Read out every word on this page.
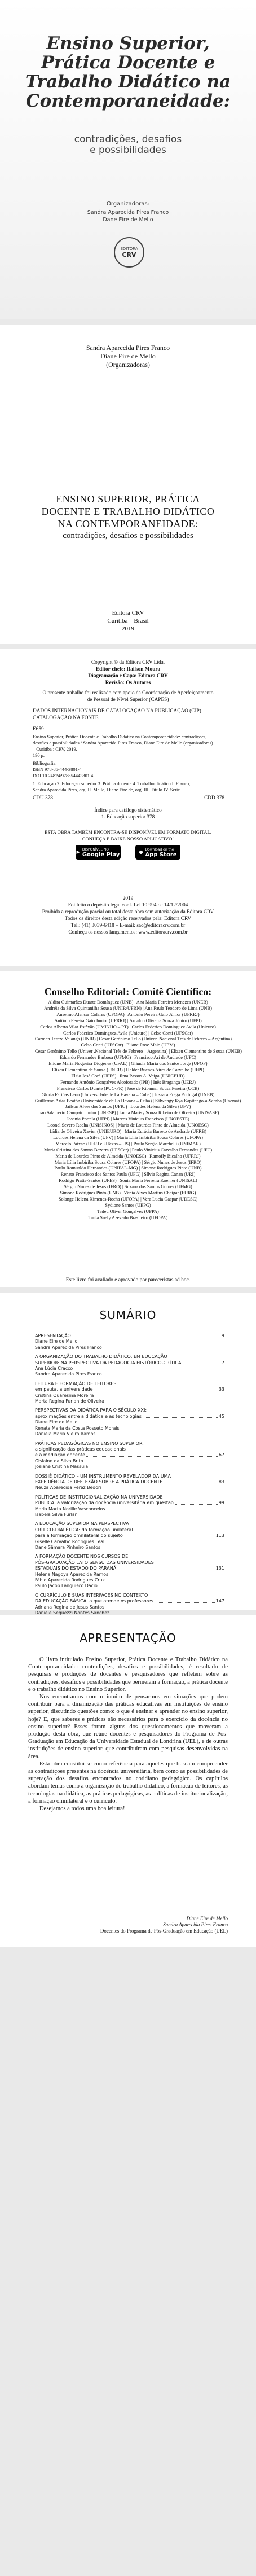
Ensino Superior,
Prática Docente e
Trabalho Didático na
Contemporaneidade:
contradições, desafios
e possibilidades
Organizadoras:
Sandra Aparecida Pires Franco
Dane Eire de Mello
EDITORA
CRV
Sandra Aparecida Pires Franco
Diane Eire de Mello
(Organizadoras)
ENSINO SUPERIOR, PRÁTICA
DOCENTE E TRABALHO DIDÁTICO
NA CONTEMPORANEIDADE:
contradições, desafios e possibilidades
Editora CRV
Curitiba – Brasil
2019
Copyright © da Editora CRV Ltda.
Editor-chefe: Railson Moura
Diagramação e Capa: Editora CRV
Revisão: Os Autores
O presente trabalho foi realizado com apoio da Coordenação de Aperfeiçoamento
de Pessoal de Nível Superior (CAPES)
DADOS INTERNACIONAIS DE CATALOGAÇÃO NA PUBLICAÇÃO (CIP)
CATALOGAÇÃO NA FONTE
E659
Ensino Superior, Prática Docente e Trabalho Didático na Contemporaneidade: contradições,
desafios e possibilidades / Sandra Aparecida Pires Franco, Diane Eire de Mello (organizadoras)
– Curitiba : CRV, 2019.
190 p.
Bibliografia
ISBN 978-85-444-3801-4
DOI 10.24824/978854443801.4
1. Educação 2. Educação superior 3. Prática docente 4. Trabalho didático I. Franco,
Sandra Aparecida Pires, org. II. Mello, Diane Eire de, org. III. Título IV. Série.
CDU 378	CDD 378
Índice para catálogo sistemático
1. Educação superior 378
ESTA OBRA TAMBÉM ENCONTRA-SE DISPONÍVEL EM FORMATO DIGITAL.
CONHEÇA E BAIXE NOSSO APLICATIVO!
▶ DISPONÍVEL NO
Google Play	● Download on the
App Store
2019
Foi feito o depósito legal conf. Lei 10.994 de 14/12/2004
Proibida a reprodução parcial ou total desta obra sem autorização da Editora CRV
Todos os direitos desta edição reservados pela: Editora CRV
Tel.: (41) 3039-6418 – E-mail: sac@editoracrv.com.br
Conheça os nossos lançamentos: www.editoracrv.com.br
Conselho Editorial: Comitê Científico:
Aldira Guimarães Duarte Domínguez (UNB) | Ana Maria Ferreira Menezes (UNEB)
Andréia da Silva Quintanilha Sousa (UNIR/UFRN) | Ana Paula Teodoro de Lima (UNB)
Anselmo Alencar Colares (UFOPA) | Antônio Pereira Gaio Júnior (UFRRJ)
Antônio Pereira Gaio Júnior (UFRRJ) | Arnaldo Oliveira Souza Júnior (UFPI)
Carlos Alberto Vilar Estêvão (UMINHO – PT) | Carlos Federico Dominguez Avila (Unieuro)
Carlos Federico Dominguez Avila (Unieuro) | Celso Conti (UFSCar)
Carmen Tereza Velanga (UNIR) | Cesar Gerónimo Tello (Univer .Nacional Três de Febrero – Argentina)
Celso Conti (UFSCar) | Eliane Rose Maio (UEM)
Cesar Gerónimo Tello (Univer .Nacional Três de Febrero – Argentina) | Elizeu Clementino de Souza (UNEB)
Eduardo Fernandes Barbosa (UFMG) | Francisco Ari de Andrade (UFC)
Elione Maria Nogueira Diogenes (UFAL) | Gláucia Maria dos Santos Jorge (UFOP)
Elizeu Clementino de Souza (UNEB) | Helder Buenos Aires de Carvalho (UFPI)
Élsio José Corá (UFFS) | Ilma Passos A. Veiga (UNICEUB)
Fernando Antônio Gonçalves Alcoforado (IPB) | Inês Bragança (UERJ)
Francisco Carlos Duarte (PUC-PR) | José de Ribamar Sousa Pereira (UCB)
Gloria Fariñas León (Universidade de La Havana – Cuba) | Jussara Fraga Portugal (UNEB)
Guillermo Arias Beatón (Universidade de La Havana – Cuba) | Kilwangy Kya Kapitango-a-Samba (Unemat)
Jailson Alves dos Santos (UFRJ) | Lourdes Helena da Silva (UFV)
João Adalberto Campato Junior (UNESP) | Lucia Marisy Souza Ribeiro de Oliveira (UNIVASF)
Josania Portela (UFPI) | Marcos Vinicius Francisco (UNOESTE)
Leonel Severo Rocha (UNISINOS) | Maria de Lourdes Pinto de Almeida (UNOESC)
Lídia de Oliveira Xavier (UNIEURO) | Maria Eurácia Barreto de Andrade (UFRB)
Lourdes Helena da Silva (UFV) | Maria Lília Imbiriba Sousa Colares (UFOPA)
Marcelo Paixão (UFRJ e UTexas – US) | Paulo Sérgio Marchelli (UNIMAR)
Maria Cristina dos Santos Bezerra (UFSCar) | Paulo Vinicius Carvalho Fernandes (UFC)
Maria de Lourdes Pinto de Almeida (UNOESC) | Ramofly Bicalho (UFRRJ)
Maria Lília Imbiriba Sousa Colares (UFOPA) | Sérgio Nunes de Jesus (IFRO)
Paulo Romualdo Hernandes (UNIFAL-MG) | Simone Rodrigues Pinto (UNB)
Renato Francisco dos Santos Paula (UFG) | Sílvia Regina Canan (URI)
Rodrigo Pratte-Santos (UFES) | Sonia Maria Ferreira Koehler (UNISAL)
Sérgio Nunes de Jesus (IFRO) | Suzana dos Santos Gomes (UFMG)
Simone Rodrigues Pinto (UNB) | Vânia Alves Martins Chaigar (FURG)
Solange Helena Ximenes-Rocha (UFOPA) | Vera Lucia Gaspar (UDESC)
Sydione Santos (UEPG)
Tadeu Oliver Gonçalves (UFPA)
Tania Suely Azevedo Brasileiro (UFOPA)
Este livro foi avaliado e aprovado por pareceristas ad hoc.
SUMÁRIO
APRESENTAÇÃO	9
Diane Eire de Mello
Sandra Aparecida Pires Franco
A ORGANIZAÇÃO DO TRABALHO DIDÁTICO: EM EDUCAÇÃO
SUPERIOR: NA PERSPECTIVA DA PEDAGOGIA HISTÓRICO-CRÍTICA	17
Ana Lúcia Cracco
Sandra Aparecida Pires Franco
LEITURA E FORMAÇÃO DE LEITORES:
em pauta, a universidade	33
Cristina Quaresma Moreira
Marta Regina Furlan de Oliveira
PERSPECTIVAS DA DIDÁTICA PARA O SÉCULO XXI:
aproximações entre a didática e as tecnologias	45
Diane Eire de Mello
Renata Maria da Costa Rosseto Morais
Daniela Maria Vieira Ramos
PRÁTICAS PEDAGÓGICAS NO ENSINO SUPERIOR:
a significação das práticas educacionais
e a mediação docente	67
Gislaine da Silva Brito
Josiane Cristina Massuia
DOSSIÊ DIDÁTICO – UM INSTRUMENTO REVELADOR DA UMA
EXPERIÊNCIA DE REFLEXÃO SOBRE A PRÁTICA DOCENTE	83
Neuza Aparecida Perez Bedori
POLÍTICAS DE INSTITUCIONALIZAÇÃO NA UNIVERSIDADE
PÚBLICA: a valorização da docência universitária em questão	99
Maria Marta Norille Vasconcelos
Isabela Silva Furlan
A EDUCAÇÃO SUPERIOR NA PERSPECTIVA
CRÍTICO-DIALÉTICA: da formação unilateral
para a formação omnilateral do sujeito	113
Giselle Carvalho Rodrigues Leal
Dane Sâmara Pinheiro Santos
A FORMAÇÃO DOCENTE NOS CURSOS DE
PÓS-GRADUAÇÃO LATO SENSU DAS UNIVERSIDADES
ESTADUAIS DO ESTADO DO PARANÁ	131
Helena Nagoya Aparecida Ramos
Fábio Aparecida Rodrigues Cruz
Paulo Jacob Languisco Dacio
O CURRÍCULO E SUAS INTERFACES NO CONTEXTO
DA EDUCAÇÃO BÁSICA: a que atende os professores	147
Adriana Regina de Jesus Santos
Daniele Sequezzi Nantes Sanchez
APRESENTAÇÃO
O livro intitulado Ensino Superior, Prática Docente e Trabalho Didático na Contemporaneidade: contradições, desafios e possibilidades, é resultado de pesquisas e produções de docentes e pesquisadores que refletem sobre as contradições, desafios e possibilidades que permeiam a formação, a prática docente e o trabalho didático no Ensino Superior.
Nos encontramos com o intuito de pensarmos em situações que podem contribuir para a dinamização das práticas educativas em instituições de ensino superior, discutindo questões como: o que é ensinar e aprender no ensino superior, hoje? E, que saberes e práticas são necessários para o exercício da docência no ensino superior? Esses foram alguns dos questionamentos que moveram a produção desta obra, que reúne docentes e pesquisadores do Programa de Pós-Graduação em Educação da Universidade Estadual de Londrina (UEL), e de outras instituições de ensino superior, que contribuíram com pesquisas desenvolvidas na área.
Esta obra constitui-se como referência para aqueles que buscam compreender as contradições presentes na docência universitária, bem como as possibilidades de superação dos desafios encontrados no cotidiano pedagógico. Os capítulos abordam temas como a organização do trabalho didático, a formação de leitores, as tecnologias na didática, as práticas pedagógicas, as políticas de institucionalização, a formação omnilateral e o currículo.
Desejamos a todos uma boa leitura!
Diane Eire de Mello
Sandra Aparecida Pires Franco
Docentes do Programa de Pós-Graduação em Educação (UEL)
